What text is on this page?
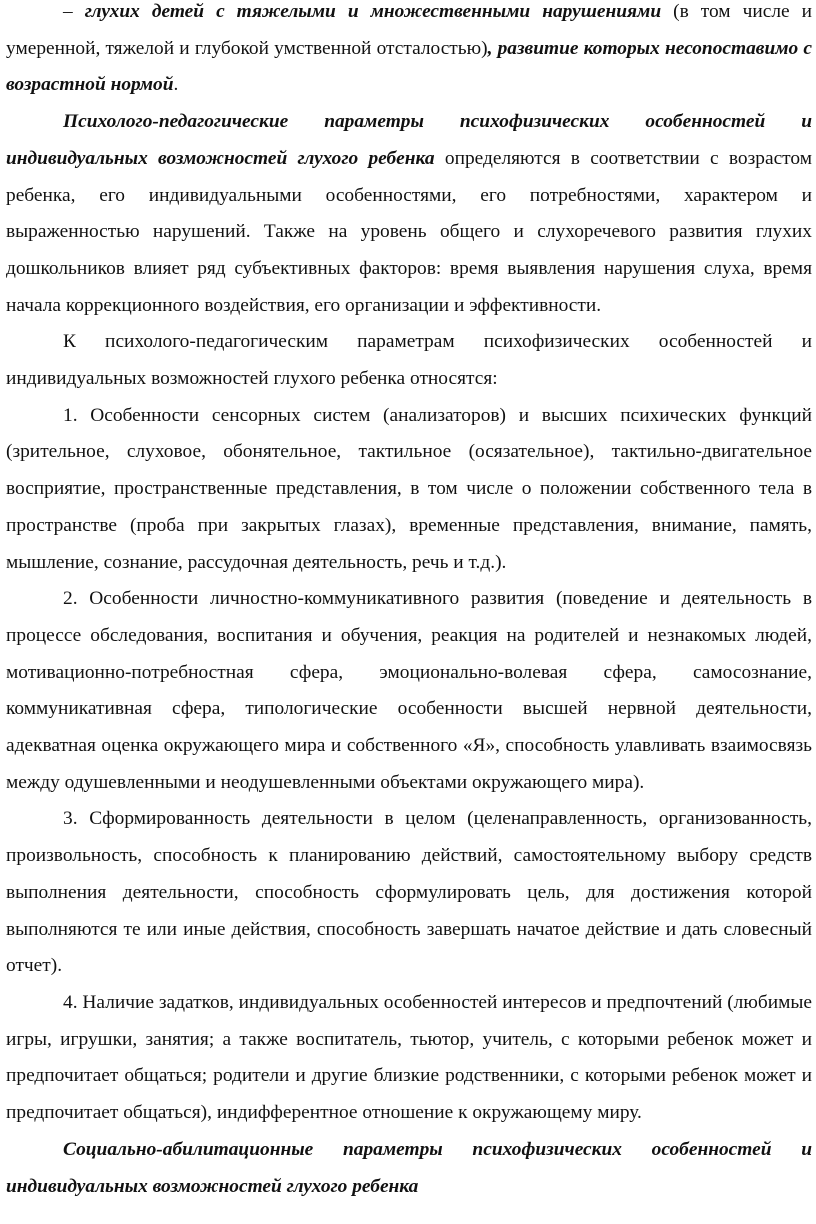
– глухих детей с тяжелыми и множественными нарушениями (в том числе и умеренной, тяжелой и глубокой умственной отсталостью), развитие которых несопоставимо с возрастной нормой.

Психолого-педагогические параметры психофизических особенностей и индивидуальных возможностей глухого ребенка определяются в соответствии с возрастом ребенка, его индивидуальными особенностями, его потребностями, характером и выраженностью нарушений. Также на уровень общего и слухоречевого развития глухих дошкольников влияет ряд субъективных факторов: время выявления нарушения слуха, время начала коррекционного воздействия, его организации и эффективности.

К психолого-педагогическим параметрам психофизических особенностей и индивидуальных возможностей глухого ребенка относятся:

1. Особенности сенсорных систем (анализаторов) и высших психических функций (зрительное, слуховое, обонятельное, тактильное (осязательное), тактильно-двигательное восприятие, пространственные представления, в том числе о положении собственного тела в пространстве (проба при закрытых глазах), временные представления, внимание, память, мышление, сознание, рассудочная деятельность, речь и т.д.).

2. Особенности личностно-коммуникативного развития (поведение и деятельность в процессе обследования, воспитания и обучения, реакция на родителей и незнакомых людей, мотивационно-потребностная сфера, эмоционально-волевая сфера, самосознание, коммуникативная сфера, типологические особенности высшей нервной деятельности, адекватная оценка окружающего мира и собственного «Я», способность улавливать взаимосвязь между одушевленными и неодушевленными объектами окружающего мира).

3. Сформированность деятельности в целом (целенаправленность, организованность, произвольность, способность к планированию действий, самостоятельному выбору средств выполнения деятельности, способность сформулировать цель, для достижения которой выполняются те или иные действия, способность завершать начатое действие и дать словесный отчет).

4. Наличие задатков, индивидуальных особенностей интересов и предпочтений (любимые игры, игрушки, занятия; а также воспитатель, тьютор, учитель, с которыми ребенок может и предпочитает общаться; родители и другие близкие родственники, с которыми ребенок может и предпочитает общаться), индифферентное отношение к окружающему миру.

Социально-абилитационные параметры психофизических особенностей и индивидуальных возможностей глухого ребенка
